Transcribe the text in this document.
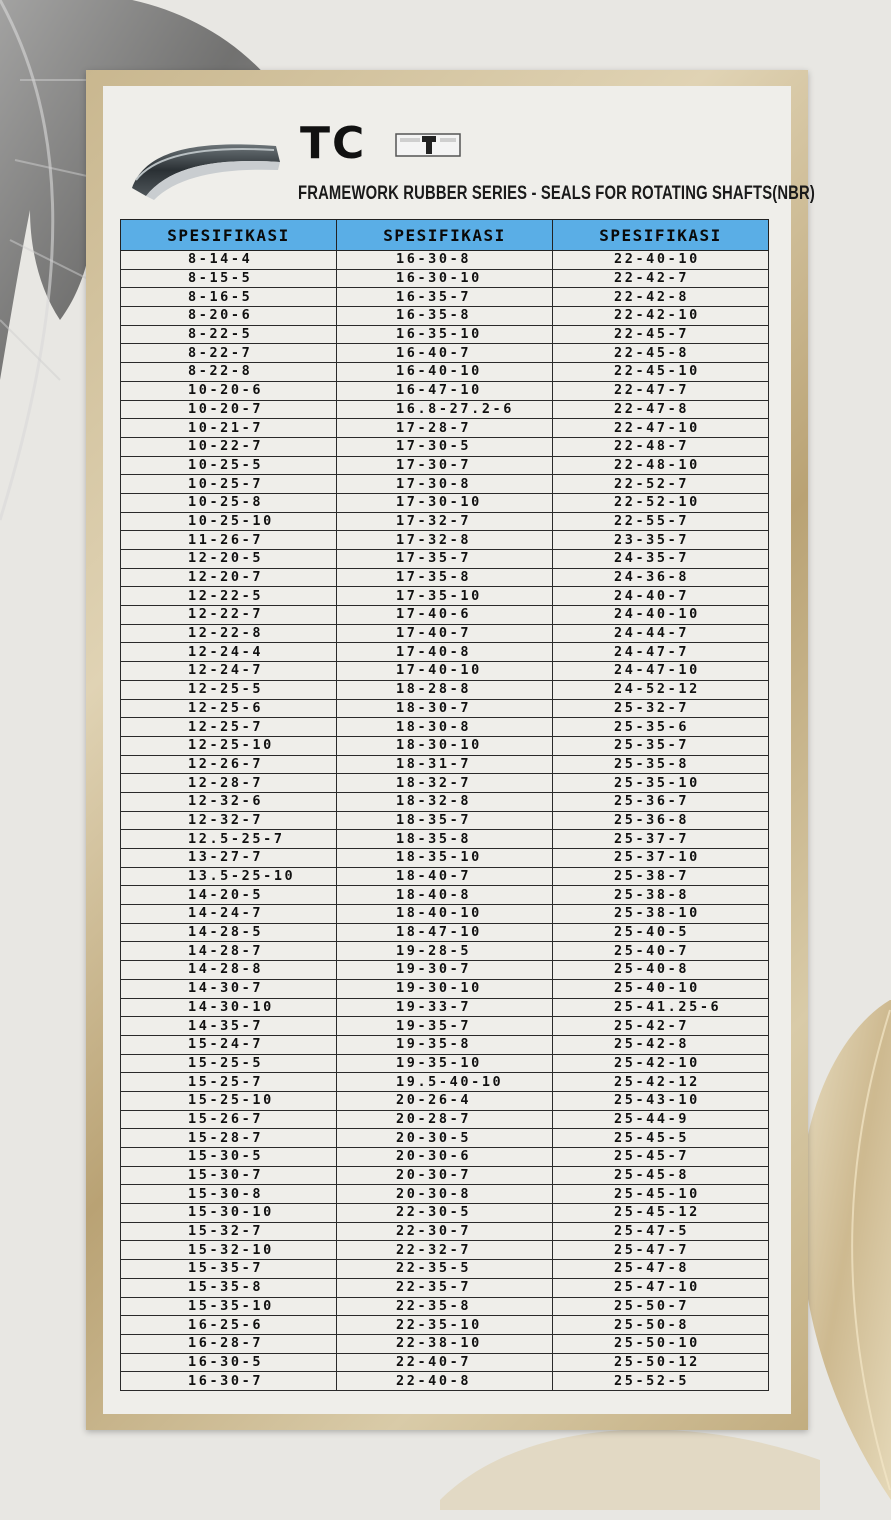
TC
FRAMEWORK RUBBER SERIES - SEALS FOR ROTATING SHAFTS(NBR)
SPESIFIKASI	SPESIFIKASI	SPESIFIKASI
8-14-4	16-30-8	22-40-10
8-15-5	16-30-10	22-42-7
8-16-5	16-35-7	22-42-8
8-20-6	16-35-8	22-42-10
8-22-5	16-35-10	22-45-7
8-22-7	16-40-7	22-45-8
8-22-8	16-40-10	22-45-10
10-20-6	16-47-10	22-47-7
10-20-7	16.8-27.2-6	22-47-8
10-21-7	17-28-7	22-47-10
10-22-7	17-30-5	22-48-7
10-25-5	17-30-7	22-48-10
10-25-7	17-30-8	22-52-7
10-25-8	17-30-10	22-52-10
10-25-10	17-32-7	22-55-7
11-26-7	17-32-8	23-35-7
12-20-5	17-35-7	24-35-7
12-20-7	17-35-8	24-36-8
12-22-5	17-35-10	24-40-7
12-22-7	17-40-6	24-40-10
12-22-8	17-40-7	24-44-7
12-24-4	17-40-8	24-47-7
12-24-7	17-40-10	24-47-10
12-25-5	18-28-8	24-52-12
12-25-6	18-30-7	25-32-7
12-25-7	18-30-8	25-35-6
12-25-10	18-30-10	25-35-7
12-26-7	18-31-7	25-35-8
12-28-7	18-32-7	25-35-10
12-32-6	18-32-8	25-36-7
12-32-7	18-35-7	25-36-8
12.5-25-7	18-35-8	25-37-7
13-27-7	18-35-10	25-37-10
13.5-25-10	18-40-7	25-38-7
14-20-5	18-40-8	25-38-8
14-24-7	18-40-10	25-38-10
14-28-5	18-47-10	25-40-5
14-28-7	19-28-5	25-40-7
14-28-8	19-30-7	25-40-8
14-30-7	19-30-10	25-40-10
14-30-10	19-33-7	25-41.25-6
14-35-7	19-35-7	25-42-7
15-24-7	19-35-8	25-42-8
15-25-5	19-35-10	25-42-10
15-25-7	19.5-40-10	25-42-12
15-25-10	20-26-4	25-43-10
15-26-7	20-28-7	25-44-9
15-28-7	20-30-5	25-45-5
15-30-5	20-30-6	25-45-7
15-30-7	20-30-7	25-45-8
15-30-8	20-30-8	25-45-10
15-30-10	22-30-5	25-45-12
15-32-7	22-30-7	25-47-5
15-32-10	22-32-7	25-47-7
15-35-7	22-35-5	25-47-8
15-35-8	22-35-7	25-47-10
15-35-10	22-35-8	25-50-7
16-25-6	22-35-10	25-50-8
16-28-7	22-38-10	25-50-10
16-30-5	22-40-7	25-50-12
16-30-7	22-40-8	25-52-5
